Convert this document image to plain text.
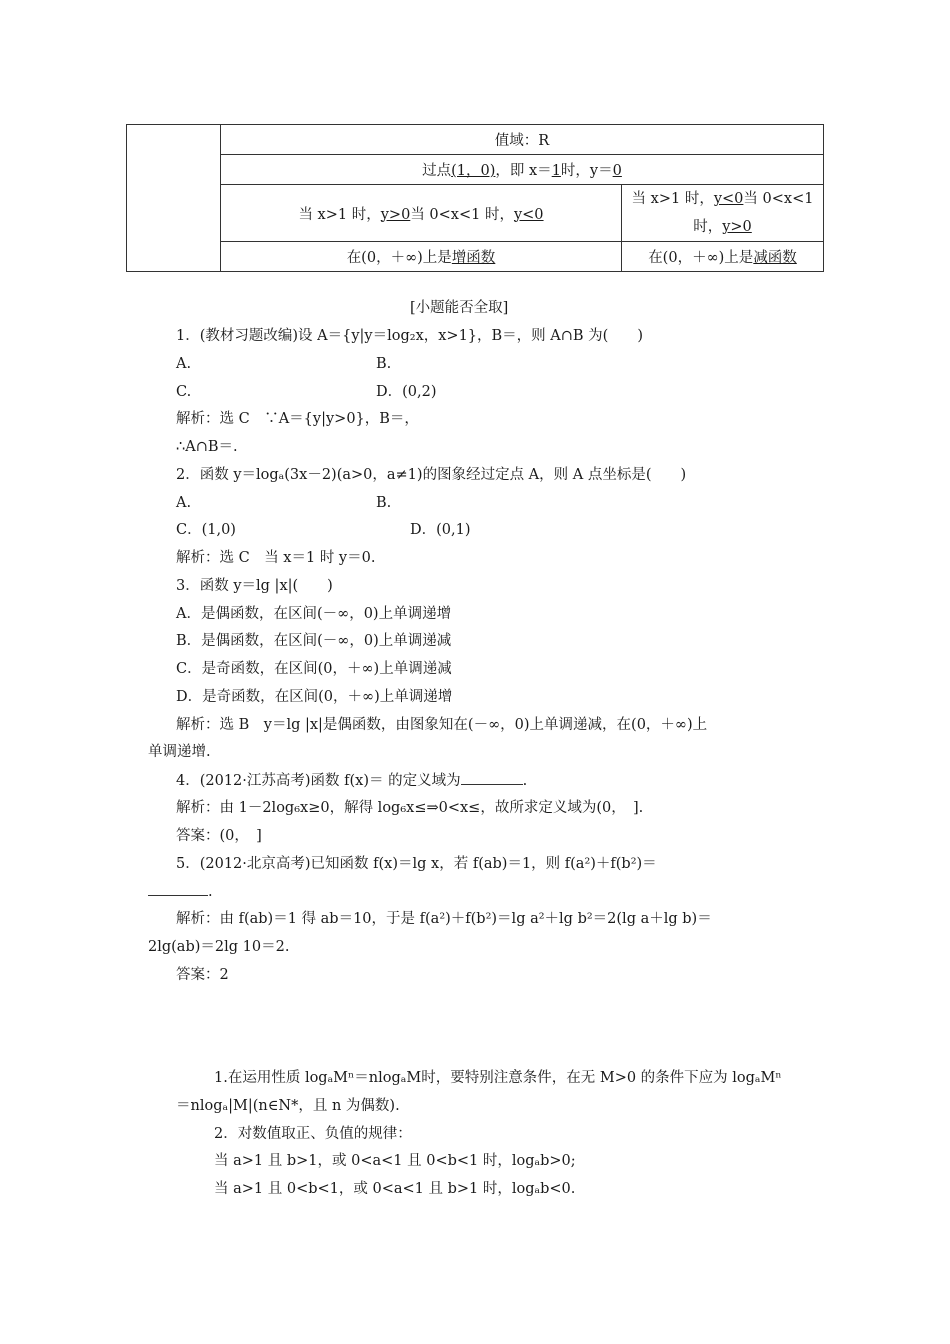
	值域：R	
	过点(1，0)，即 x＝1时，y＝0	
	当 x>1 时，y>0当 0<x<1 时，y<0	当 x>1 时，y<0当 0<x<1
时，y>0
	在(0，＋∞)上是增函数	在(0，＋∞)上是减函数
[小题能否全取]
1．(教材习题改编)设 A＝{y|y＝log₂x，x>1}，B＝，则 A∩B 为(　　)
A.	B.
C.	D．(0,2)
解析：选 C　∵A＝{y|y>0}，B＝，
∴A∩B＝.
2．函数 y＝logₐ(3x－2)(a>0，a≠1)的图象经过定点 A，则 A 点坐标是(　　)
A.	B.
C．(1,0)	D．(0,1)
解析：选 C　当 x＝1 时 y＝0.
3．函数 y＝lg |x|(　　)
A．是偶函数，在区间(－∞，0)上单调递增
B．是偶函数，在区间(－∞，0)上单调递减
C．是奇函数，在区间(0，＋∞)上单调递减
D．是奇函数，在区间(0，＋∞)上单调递增
解析：选 B　y＝lg |x|是偶函数，由图象知在(－∞，0)上单调递减，在(0，＋∞)上
单调递增.
4．(2012·江苏高考)函数 f(x)＝ 的定义域为	.
解析：由 1－2log₆x≥0，解得 log₆x≤⇒0<x≤，故所求定义域为(0，　].
答案：(0，　]
5．(2012·北京高考)已知函数 f(x)＝lg x，若 f(ab)＝1，则 f(a²)＋f(b²)＝
.
解析：由 f(ab)＝1 得 ab＝10，于是 f(a²)＋f(b²)＝lg a²＋lg b²＝2(lg a＋lg b)＝
2lg(ab)＝2lg 10＝2.
答案：2
1.在运用性质 logₐMⁿ＝nlogₐM时，要特别注意条件，在无 M>0 的条件下应为 logₐMⁿ
＝nlogₐ|M|(n∈N*，且 n 为偶数).
2．对数值取正、负值的规律：
当 a>1 且 b>1，或 0<a<1 且 0<b<1 时，logₐb>0;
当 a>1 且 0<b<1，或 0<a<1 且 b>1 时，logₐb<0.
